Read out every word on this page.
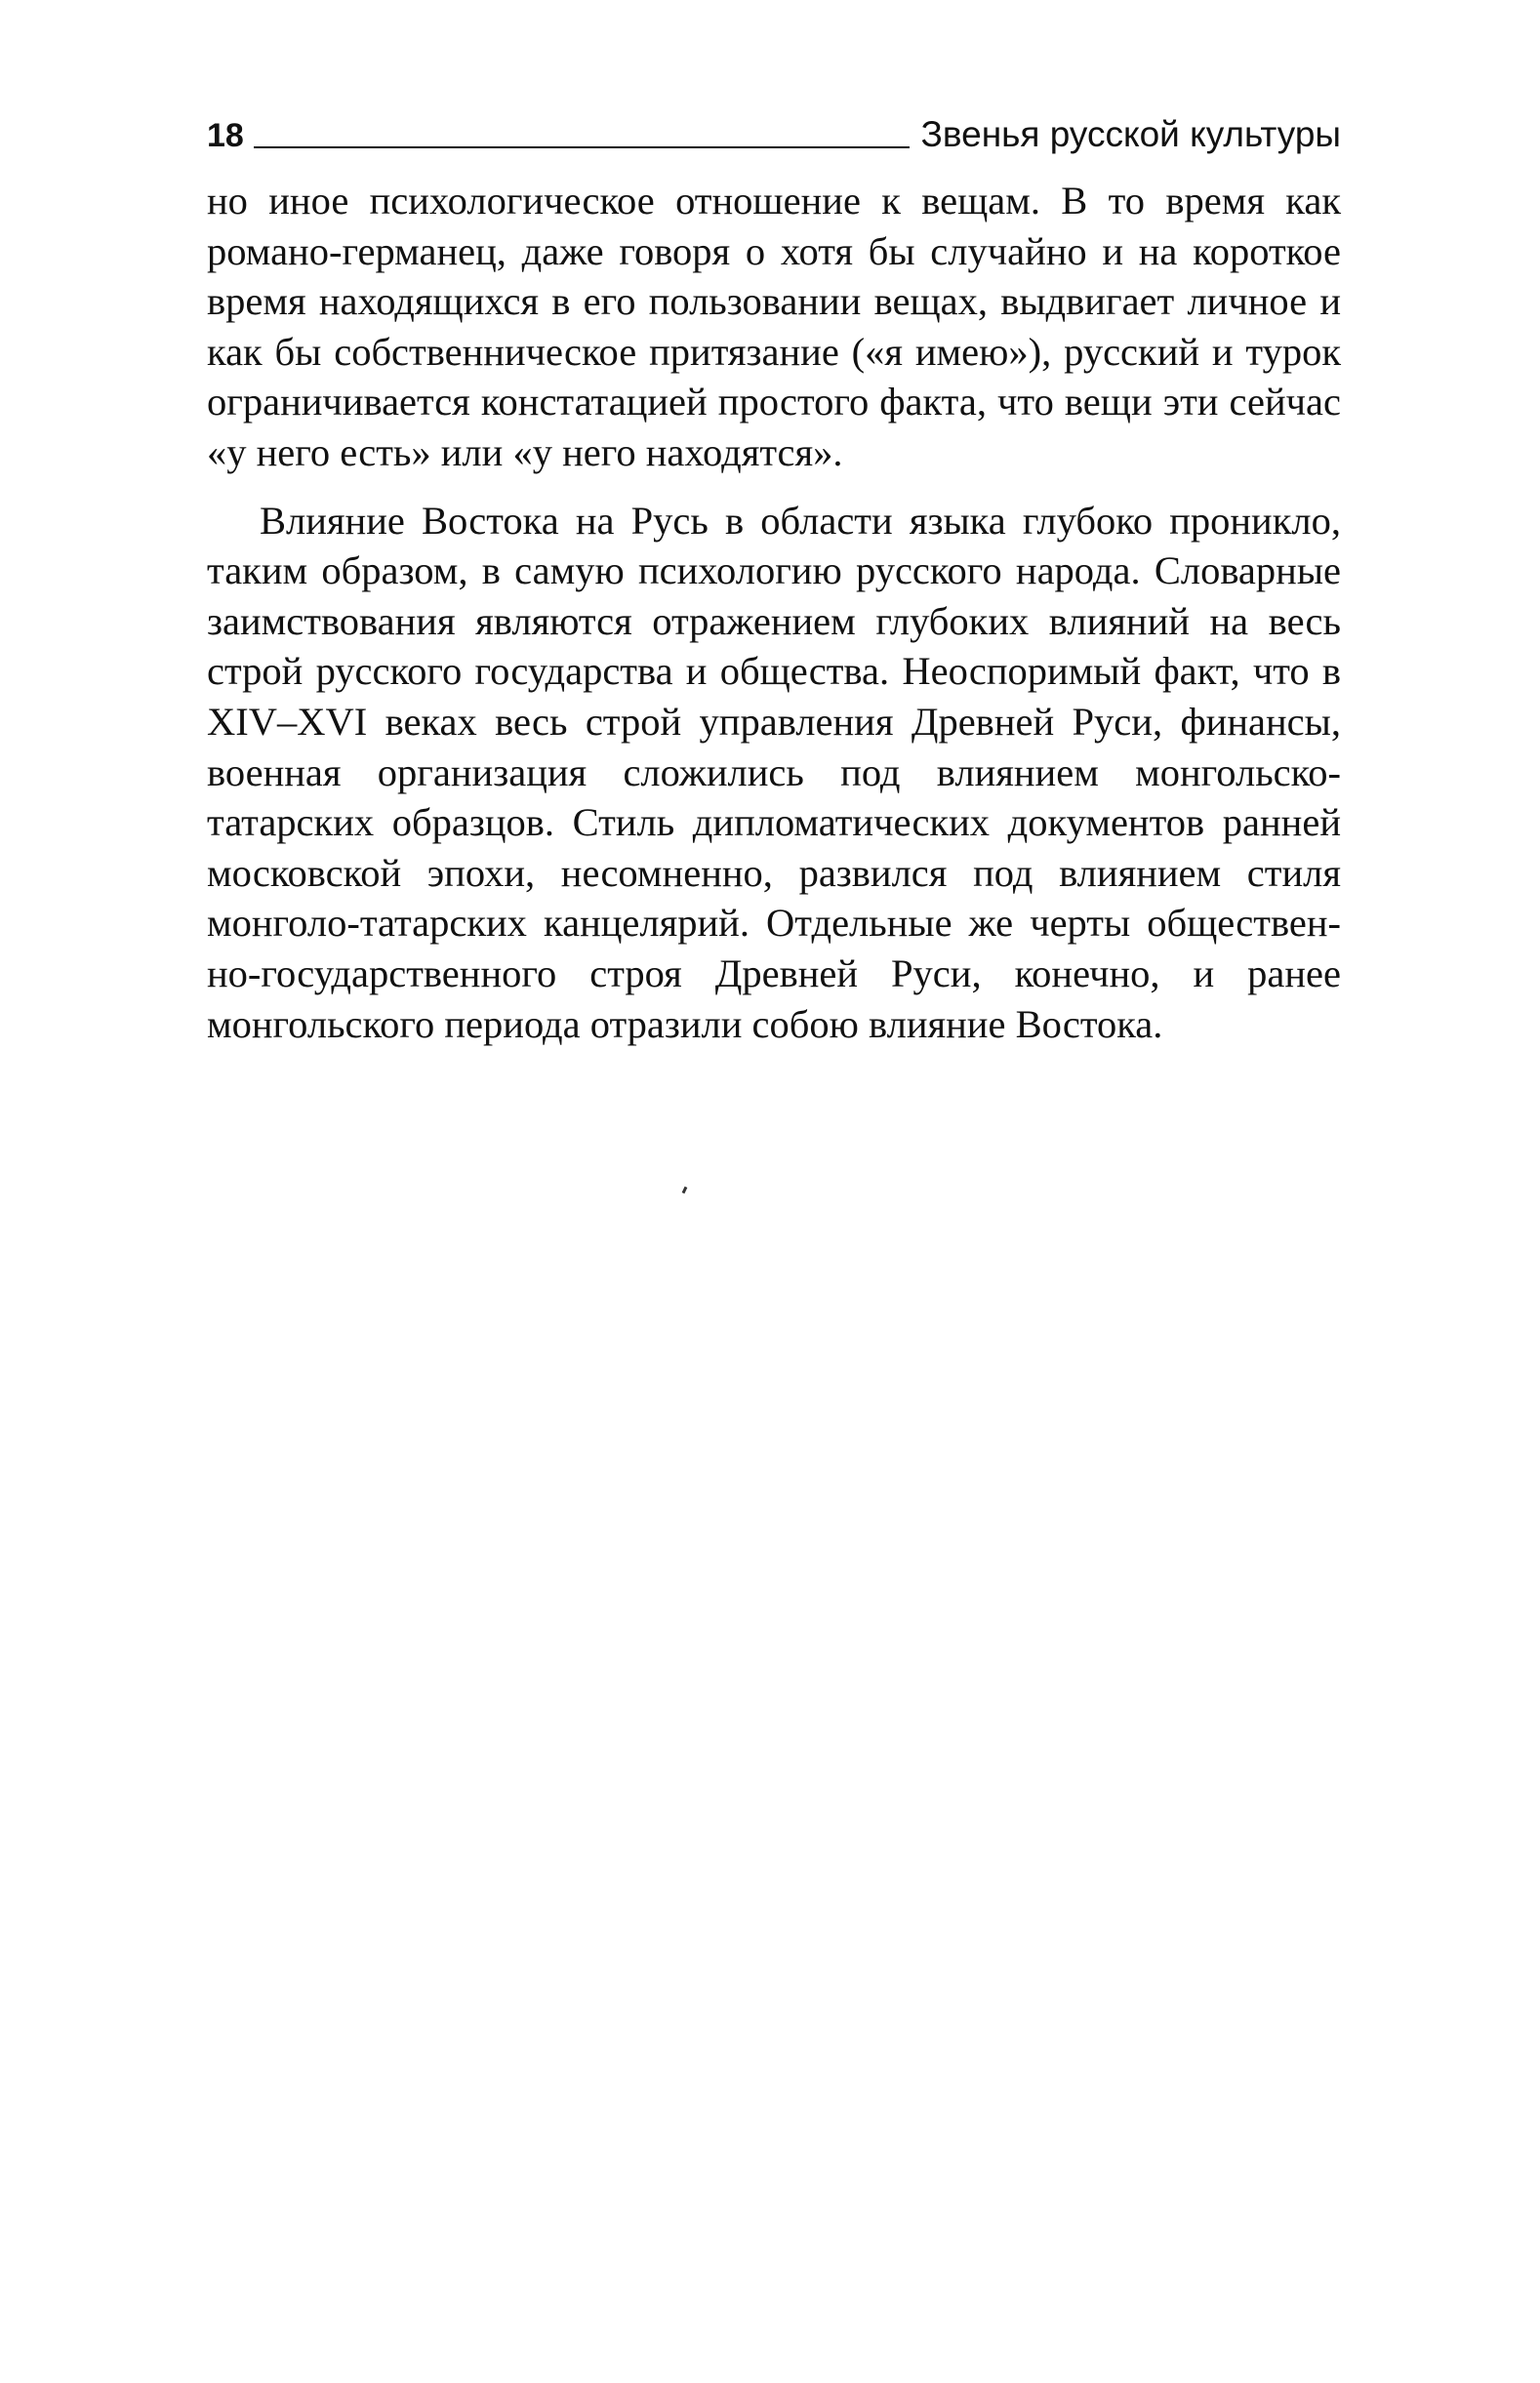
18	Звенья русской культуры

но иное психологическое отношение к вещам. В то время как романо-германец, даже говоря о хотя бы случайно и на короткое время находящихся в его пользовании вещах, выдвигает личное и как бы собственническое притязание («я имею»), русский и турок ограничивается констатацией простого факта, что вещи эти сейчас «у него есть» или «у него находятся».

Влияние Востока на Русь в области языка глубоко проникло, таким образом, в самую психологию русского народа. Словарные заимствования являются отражением глубоких влияний на весь строй русского государства и общества. Неоспоримый факт, что в XIV–XVI веках весь строй управления Древней Руси, финансы, военная организация сложились под влиянием монгольско-татарских образцов. Стиль дипломатических документов ранней московской эпохи, несомненно, развился под влиянием стиля монголо-татарских канцелярий. Отдельные же черты общественно-государственного строя Древней Руси, конечно, и ранее монгольского периода отразили собою влияние Востока.
